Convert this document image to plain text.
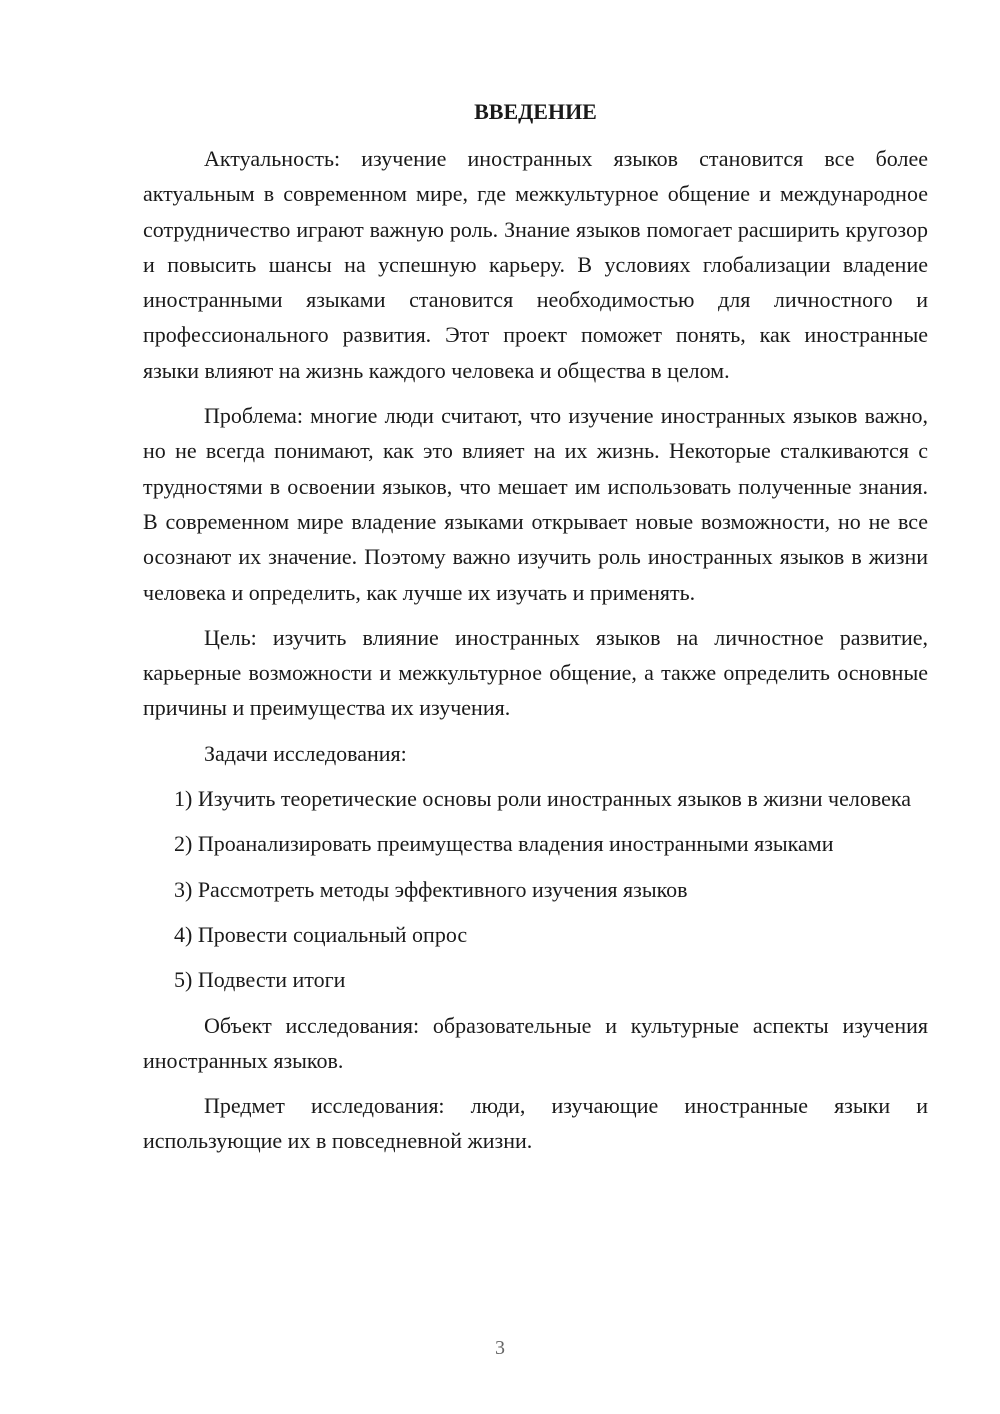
ВВЕДЕНИЕ

Актуальность: изучение иностранных языков становится все более актуальным в современном мире, где межкультурное общение и международное сотрудничество играют важную роль. Знание языков помогает расширить кругозор и повысить шансы на успешную карьеру. В условиях глобализации владение иностранными языками становится необходимостью для личностного и профессионального развития. Этот проект поможет понять, как иностранные языки влияют на жизнь каждого человека и общества в целом.

Проблема: многие люди считают, что изучение иностранных языков важно, но не всегда понимают, как это влияет на их жизнь. Некоторые сталкиваются с трудностями в освоении языков, что мешает им использовать полученные знания. В современном мире владение языками открывает новые возможности, но не все осознают их значение. Поэтому важно изучить роль иностранных языков в жизни человека и определить, как лучше их изучать и применять.

Цель: изучить влияние иностранных языков на личностное развитие, карьерные возможности и межкультурное общение, а также определить основные причины и преимущества их изучения.

Задачи исследования:

1) Изучить теоретические основы роли иностранных языков в жизни человека

2) Проанализировать преимущества владения иностранными языками

3) Рассмотреть методы эффективного изучения языков

4) Провести социальный опрос

5) Подвести итоги

Объект исследования: образовательные и культурные аспекты изучения иностранных языков.

Предмет исследования: люди, изучающие иностранные языки и использующие их в повседневной жизни.

3
